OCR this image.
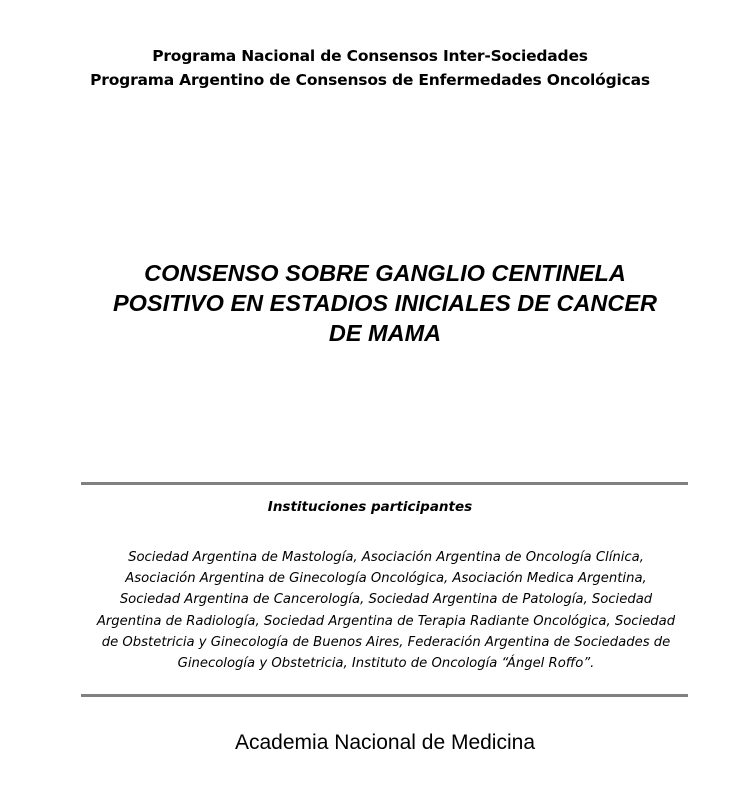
Programa Nacional de Consensos Inter-Sociedades
Programa Argentino de Consensos de Enfermedades Oncológicas
CONSENSO SOBRE GANGLIO CENTINELA
POSITIVO EN ESTADIOS INICIALES DE CANCER
DE MAMA
Instituciones participantes
Sociedad Argentina de Mastología, Asociación Argentina de Oncología Clínica,
Asociación Argentina de Ginecología Oncológica, Asociación Medica Argentina,
Sociedad Argentina de Cancerología, Sociedad Argentina de Patología, Sociedad
Argentina de Radiología, Sociedad Argentina de Terapia Radiante Oncológica, Sociedad
de Obstetricia y Ginecología de Buenos Aires, Federación Argentina de Sociedades de
Ginecología y Obstetricia, Instituto de Oncología “Ángel Roffo”.
Academia Nacional de Medicina
